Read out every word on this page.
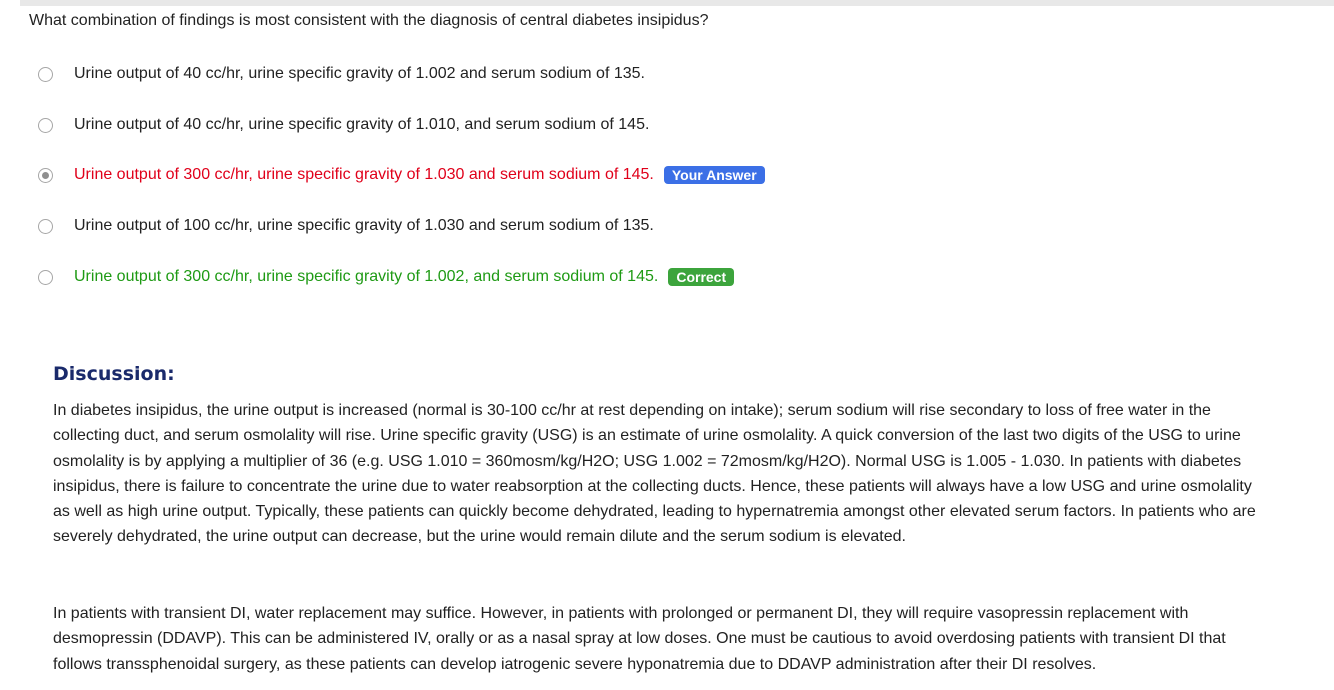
What combination of findings is most consistent with the diagnosis of central diabetes insipidus?
Urine output of 40 cc/hr, urine specific gravity of 1.002 and serum sodium of 135.
Urine output of 40 cc/hr, urine specific gravity of 1.010, and serum sodium of 145.
Urine output of 300 cc/hr, urine specific gravity of 1.030 and serum sodium of 145.	Your Answer
Urine output of 100 cc/hr, urine specific gravity of 1.030 and serum sodium of 135.
Urine output of 300 cc/hr, urine specific gravity of 1.002, and serum sodium of 145.	Correct
Discussion:

In diabetes insipidus, the urine output is increased (normal is 30-100 cc/hr at rest depending on intake); serum sodium will rise secondary to loss of free water in the collecting duct, and serum osmolality will rise. Urine specific gravity (USG) is an estimate of urine osmolality. A quick conversion of the last two digits of the USG to urine osmolality is by applying a multiplier of 36 (e.g. USG 1.010 = 360mosm/kg/H2O; USG 1.002 = 72mosm/kg/H2O). Normal USG is 1.005 - 1.030. In patients with diabetes insipidus, there is failure to concentrate the urine due to water reabsorption at the collecting ducts. Hence, these patients will always have a low USG and urine osmolality as well as high urine output. Typically, these patients can quickly become dehydrated, leading to hypernatremia amongst other elevated serum factors. In patients who are severely dehydrated, the urine output can decrease, but the urine would remain dilute and the serum sodium is elevated.

In patients with transient DI, water replacement may suffice. However, in patients with prolonged or permanent DI, they will require vasopressin replacement with desmopressin (DDAVP). This can be administered IV, orally or as a nasal spray at low doses. One must be cautious to avoid overdosing patients with transient DI that follows transsphenoidal surgery, as these patients can develop iatrogenic severe hyponatremia due to DDAVP administration after their DI resolves.
